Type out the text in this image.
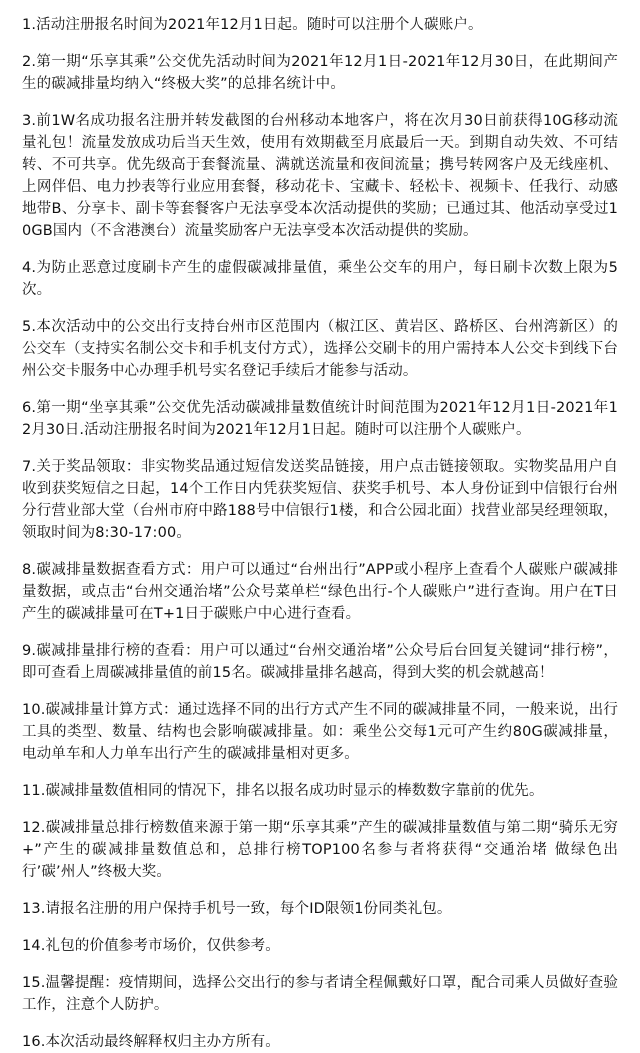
1.活动注册报名时间为2021年12月1日起。随时可以注册个人碳账户。

2.第一期“乐享其乘”公交优先活动时间为2021年12月1日-2021年12月30日，在此期间产生的碳减排量均纳入“终极大奖”的总排名统计中。

3.前1W名成功报名注册并转发截图的台州移动本地客户，将在次月30日前获得10G移动流量礼包！流量发放成功后当天生效，使用有效期截至月底最后一天。到期自动失效、不可结转、不可共享。优先级高于套餐流量、满就送流量和夜间流量；携号转网客户及无线座机、上网伴侣、电力抄表等行业应用套餐，移动花卡、宝藏卡、轻松卡、视频卡、任我行、动感地带B、分享卡、副卡等套餐客户无法享受本次活动提供的奖励；已通过其、他活动享受过10GB国内（不含港澳台）流量奖励客户无法享受本次活动提供的奖励。

4.为防止恶意过度刷卡产生的虚假碳减排量值，乘坐公交车的用户，每日刷卡次数上限为5次。

5.本次活动中的公交出行支持台州市区范围内（椒江区、黄岩区、路桥区、台州湾新区）的公交车（支持实名制公交卡和手机支付方式），选择公交刷卡的用户需持本人公交卡到线下台州公交卡服务中心办理手机号实名登记手续后才能参与活动。

6.第一期“坐享其乘”公交优先活动碳减排量数值统计时间范围为2021年12月1日-2021年12月30日.活动注册报名时间为2021年12月1日起。随时可以注册个人碳账户。

7.关于奖品领取：非实物奖品通过短信发送奖品链接，用户点击链接领取。实物奖品用户自收到获奖短信之日起，14个工作日内凭获奖短信、获奖手机号、本人身份证到中信银行台州分行营业部大堂（台州市府中路188号中信银行1楼，和合公园北面）找营业部吴经理领取，领取时间为8:30-17:00。

8.碳减排量数据查看方式：用户可以通过“台州出行”APP或小程序上查看个人碳账户碳减排量数据，或点击“台州交通治堵”公众号菜单栏“绿色出行-个人碳账户”进行查询。用户在T日产生的碳减排量可在T+1日于碳账户中心进行查看。

9.碳减排量排行榜的查看：用户可以通过“台州交通治堵”公众号后台回复关键词“排行榜”，即可查看上周碳减排量值的前15名。碳减排量排名越高，得到大奖的机会就越高！

10.碳减排量计算方式：通过选择不同的出行方式产生不同的碳减排量不同，一般来说，出行工具的类型、数量、结构也会影响碳减排量。如：乘坐公交每1元可产生约80G碳减排量，电动单车和人力单车出行产生的碳减排量相对更多。

11.碳减排量数值相同的情况下，排名以报名成功时显示的棒数数字靠前的优先。

12.碳减排量总排行榜数值来源于第一期“乐享其乘”产生的碳减排量数值与第二期“骑乐无穷+”产生的碳减排量数值总和，总排行榜TOP100名参与者将获得“交通治堵 做绿色出行’碳’州人”终极大奖。

13.请报名注册的用户保持手机号一致，每个ID限领1份同类礼包。

14.礼包的价值参考市场价，仅供参考。

15.温馨提醒：疫情期间，选择公交出行的参与者请全程佩戴好口罩，配合司乘人员做好查验工作，注意个人防护。

16.本次活动最终解释权归主办方所有。
